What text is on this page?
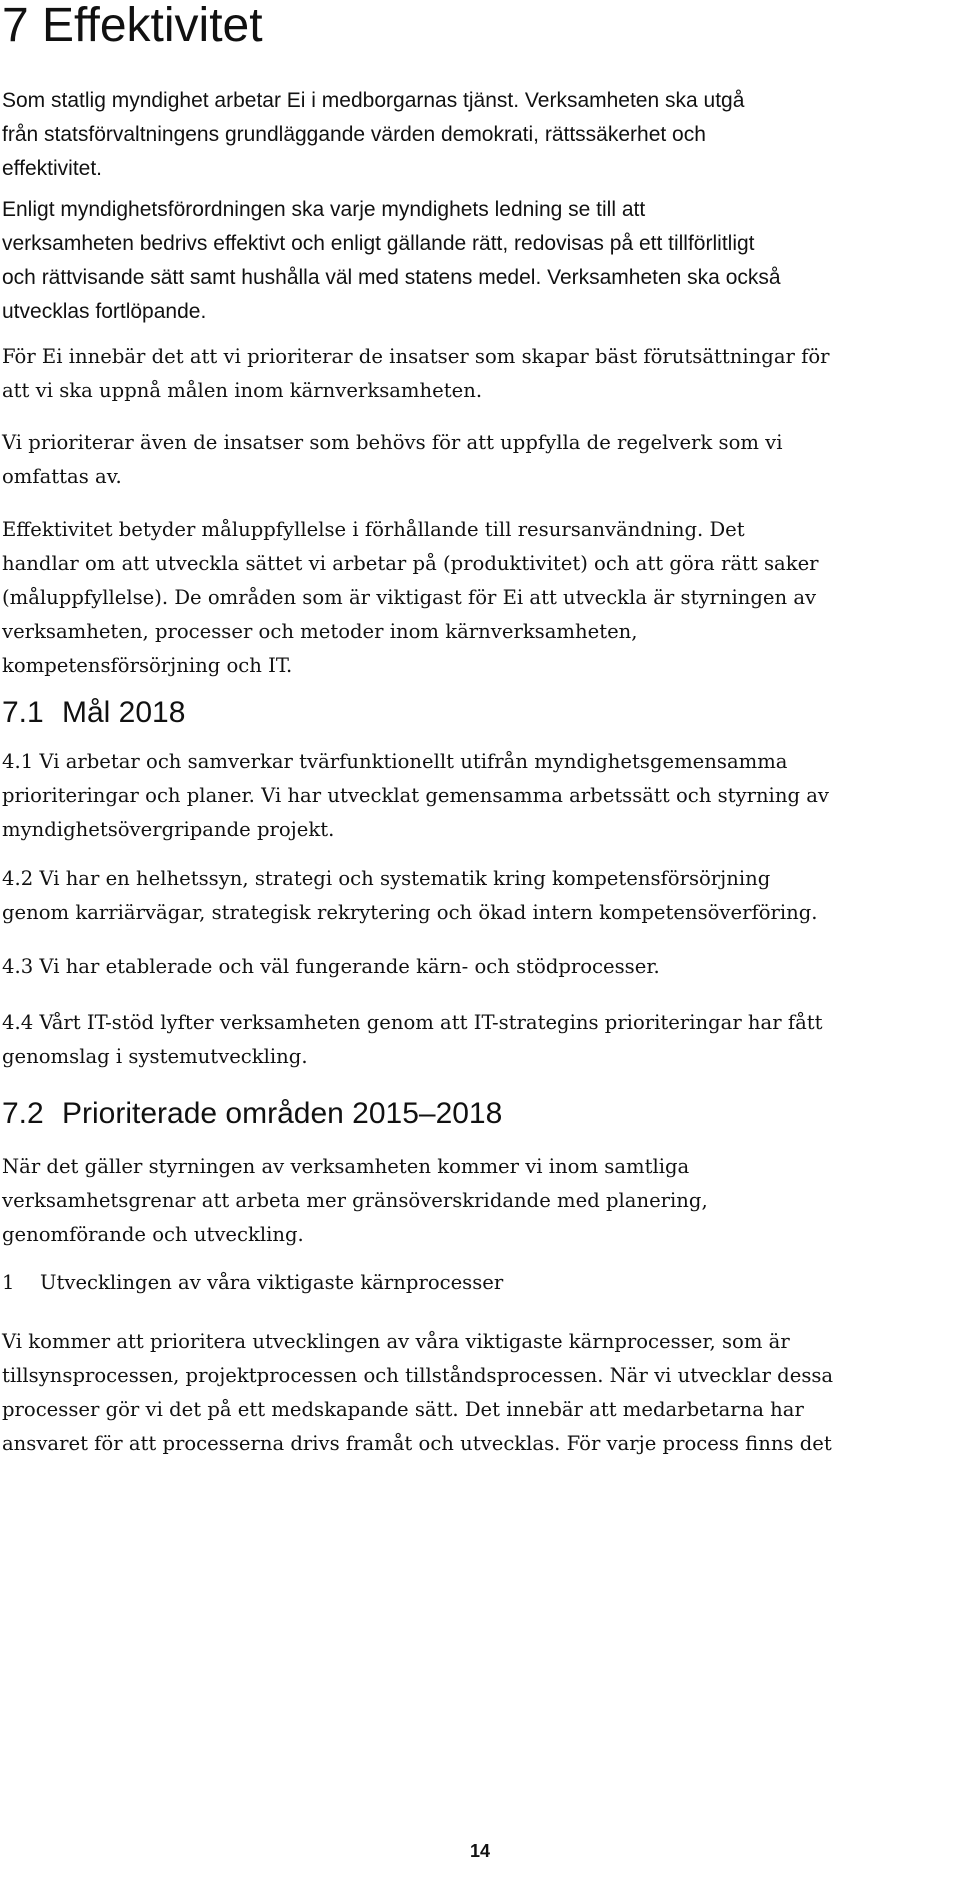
7 Effektivitet
Som statlig myndighet arbetar Ei i medborgarnas tjänst. Verksamheten ska utgå
från statsförvaltningens grundläggande värden demokrati, rättssäkerhet och
effektivitet.
Enligt myndighetsförordningen ska varje myndighets ledning se till att
verksamheten bedrivs effektivt och enligt gällande rätt, redovisas på ett tillförlitligt
och rättvisande sätt samt hushålla väl med statens medel. Verksamheten ska också
utvecklas fortlöpande.
För Ei innebär det att vi prioriterar de insatser som skapar bäst förutsättningar för
att vi ska uppnå målen inom kärnverksamheten.
Vi prioriterar även de insatser som behövs för att uppfylla de regelverk som vi
omfattas av.
Effektivitet betyder måluppfyllelse i förhållande till resursanvändning. Det
handlar om att utveckla sättet vi arbetar på (produktivitet) och att göra rätt saker
(måluppfyllelse). De områden som är viktigast för Ei att utveckla är styrningen av
verksamheten, processer och metoder inom kärnverksamheten,
kompetensförsörjning och IT.
7.1 Mål 2018
4.1 Vi arbetar och samverkar tvärfunktionellt utifrån myndighetsgemensamma
prioriteringar och planer. Vi har utvecklat gemensamma arbetssätt och styrning av
myndighetsövergripande projekt.
4.2 Vi har en helhetssyn, strategi och systematik kring kompetensförsörjning
genom karriärvägar, strategisk rekrytering och ökad intern kompetensöverföring.
4.3 Vi har etablerade och väl fungerande kärn- och stödprocesser.
4.4 Vårt IT-stöd lyfter verksamheten genom att IT-strategins prioriteringar har fått
genomslag i systemutveckling.
7.2 Prioriterade områden 2015–2018
När det gäller styrningen av verksamheten kommer vi inom samtliga
verksamhetsgrenar att arbeta mer gränsöverskridande med planering,
genomförande och utveckling.
1 Utvecklingen av våra viktigaste kärnprocesser
Vi kommer att prioritera utvecklingen av våra viktigaste kärnprocesser, som är
tillsynsprocessen, projektprocessen och tillståndsprocessen. När vi utvecklar dessa
processer gör vi det på ett medskapande sätt. Det innebär att medarbetarna har
ansvaret för att processerna drivs framåt och utvecklas. För varje process finns det
14
